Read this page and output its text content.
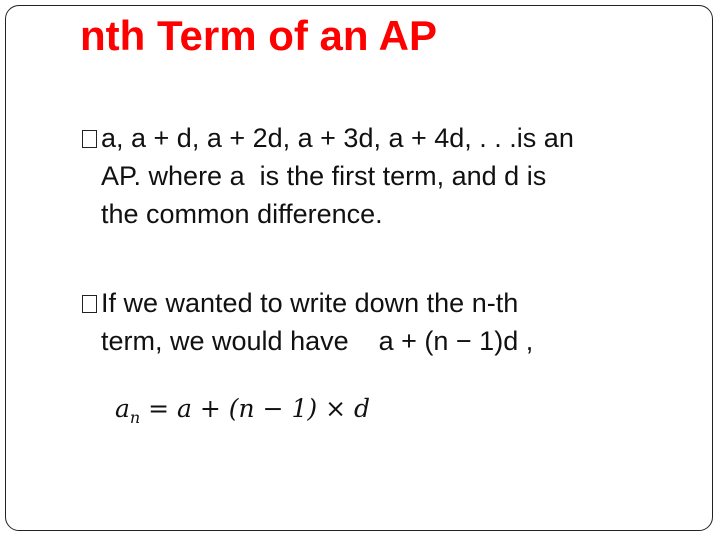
nth Term of an AP
a, a + d, a + 2d, a + 3d, a + 4d, . . .is an
AP. where a  is the first term, and d is
the common difference.
If we wanted to write down the n-th
term, we would have    a + (n − 1)d ,
$a_n = a + (n - 1) \times d$
